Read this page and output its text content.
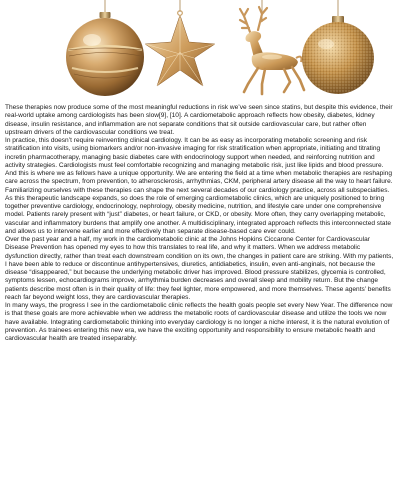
These therapies now produce some of the most meaningful reductions in risk we’ve seen since statins, but despite this evidence, their real-world uptake among cardiologists has been slow[9], [10]. A cardiometabolic approach reflects how obesity, diabetes, kidney disease, insulin resistance, and inflammation are not separate conditions that sit outside cardiovascular care, but rather often upstream drivers of the cardiovascular conditions we treat.

In practice, this doesn’t require reinventing clinical cardiology. It can be as easy as incorporating metabolic screening and risk stratification into visits, using biomarkers and/or non-invasive imaging for risk stratification when appropriate, initiating and titrating incretin pharmacotherapy, managing basic diabetes care with endocrinology support when needed, and reinforcing nutrition and activity strategies. Cardiologists must feel comfortable recognizing and managing metabolic risk, just like lipids and blood pressure.

And this is where we as fellows have a unique opportunity. We are entering the field at a time when metabolic therapies are reshaping care across the spectrum, from prevention, to atherosclerosis, arrhythmias, CKM, peripheral artery disease all the way to heart failure. Familiarizing ourselves with these therapies can shape the next several decades of our cardiology practice, across all subspecialties. As this therapeutic landscape expands, so does the role of emerging cardiometabolic clinics, which are uniquely positioned to bring together preventive cardiology, endocrinology, nephrology, obesity medicine, nutrition, and lifestyle care under one comprehensive model. Patients rarely present with “just” diabetes, or heart failure, or CKD, or obesity. More often, they carry overlapping metabolic, vascular and inflammatory burdens that amplify one another. A multidisciplinary, integrated approach reflects this interconnected state and allows us to intervene earlier and more effectively than separate disease-based care ever could.

Over the past year and a half, my work in the cardiometabolic clinic at the Johns Hopkins Ciccarone Center for Cardiovascular Disease Prevention has opened my eyes to how this translates to real life, and why it matters. When we address metabolic dysfunction directly, rather than treat each downstream condition on its own, the changes in patient care are striking. With my patients, I have been able to reduce or discontinue antihypertensives, diuretics, antidiabetics, insulin, even anti-anginals, not because the disease “disappeared,” but because the underlying metabolic driver has improved. Blood pressure stabilizes, glycemia is controlled, symptoms lessen, echocardiograms improve, arrhythmia burden decreases and overall sleep and mobility return. But the change patients describe most often is in their quality of life: they feel lighter, more empowered, and more themselves. These agents’ benefits reach far beyond weight loss, they are cardiovascular therapies.

In many ways, the progress I see in the cardiometabolic clinic reflects the health goals people set every New Year. The difference now is that these goals are more achievable when we address the metabolic roots of cardiovascular disease and utilize the tools we now have available. Integrating cardiometabolic thinking into everyday cardiology is no longer a niche interest, it is the natural evolution of prevention. As trainees entering this new era, we have the exciting opportunity and responsibility to ensure metabolic health and cardiovascular health are treated inseparably.
